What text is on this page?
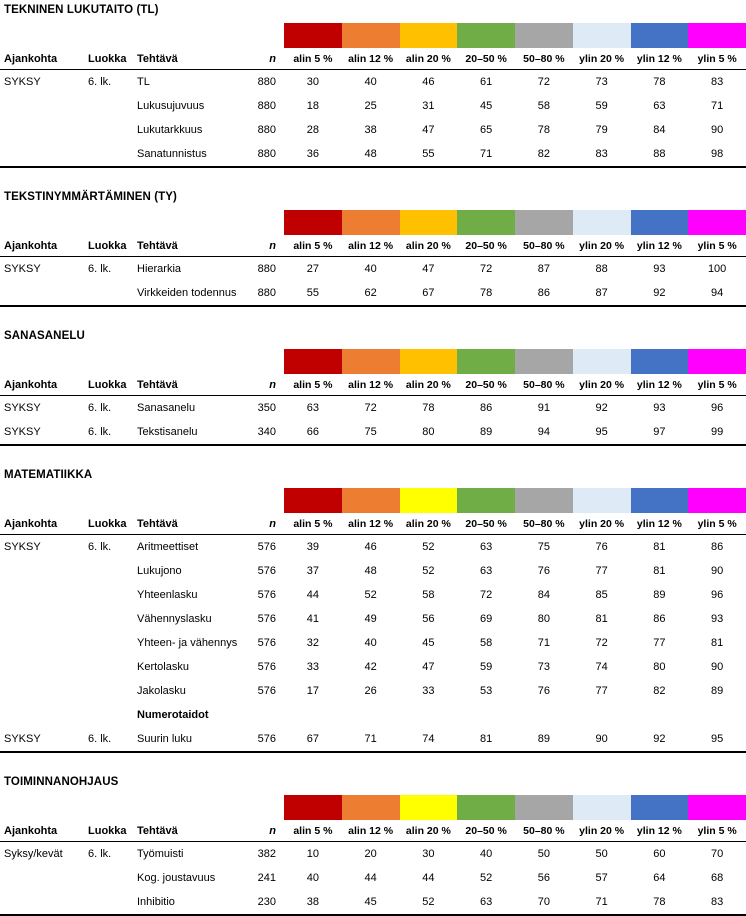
TEKNINEN LUKUTAITO (TL)

Ajankohta	Luokka	Tehtävä	n	alin 5 %	alin 12 %	alin 20 %	20–50 %	50–80 %	ylin 20 %	ylin 12 %	ylin 5 %
SYKSY	6. lk.	TL	880	30	40	46	61	72	73	78	83
		Lukusujuvuus	880	18	25	31	45	58	59	63	71
		Lukutarkkuus	880	28	38	47	65	78	79	84	90
		Sanatunnistus	880	36	48	55	71	82	83	88	98
TEKSTINYMMÄRTÄMINEN (TY)

Ajankohta	Luokka	Tehtävä	n	alin 5 %	alin 12 %	alin 20 %	20–50 %	50–80 %	ylin 20 %	ylin 12 %	ylin 5 %
SYKSY	6. lk.	Hierarkia	880	27	40	47	72	87	88	93	100
		Virkkeiden todennus	880	55	62	67	78	86	87	92	94
SANASANELU

Ajankohta	Luokka	Tehtävä	n	alin 5 %	alin 12 %	alin 20 %	20–50 %	50–80 %	ylin 20 %	ylin 12 %	ylin 5 %
SYKSY	6. lk.	Sanasanelu	350	63	72	78	86	91	92	93	96
SYKSY	6. lk.	Tekstisanelu	340	66	75	80	89	94	95	97	99
MATEMATIIKKA

Ajankohta	Luokka	Tehtävä	n	alin 5 %	alin 12 %	alin 20 %	20–50 %	50–80 %	ylin 20 %	ylin 12 %	ylin 5 %
SYKSY	6. lk.	Aritmeettiset	576	39	46	52	63	75	76	81	86
		Lukujono	576	37	48	52	63	76	77	81	90
		Yhteenlasku	576	44	52	58	72	84	85	89	96
		Vähennyslasku	576	41	49	56	69	80	81	86	93
		Yhteen- ja vähennys	576	32	40	45	58	71	72	77	81
		Kertolasku	576	33	42	47	59	73	74	80	90
		Jakolasku	576	17	26	33	53	76	77	82	89
		Numerotaidot									
SYKSY	6. lk.	Suurin luku	576	67	71	74	81	89	90	92	95
TOIMINNANOHJAUS

Ajankohta	Luokka	Tehtävä	n	alin 5 %	alin 12 %	alin 20 %	20–50 %	50–80 %	ylin 20 %	ylin 12 %	ylin 5 %
Syksy/kevät	6. lk.	Työmuisti	382	10	20	30	40	50	50	60	70
		Kog. joustavuus	241	40	44	44	52	56	57	64	68
		Inhibitio	230	38	45	52	63	70	71	78	83
